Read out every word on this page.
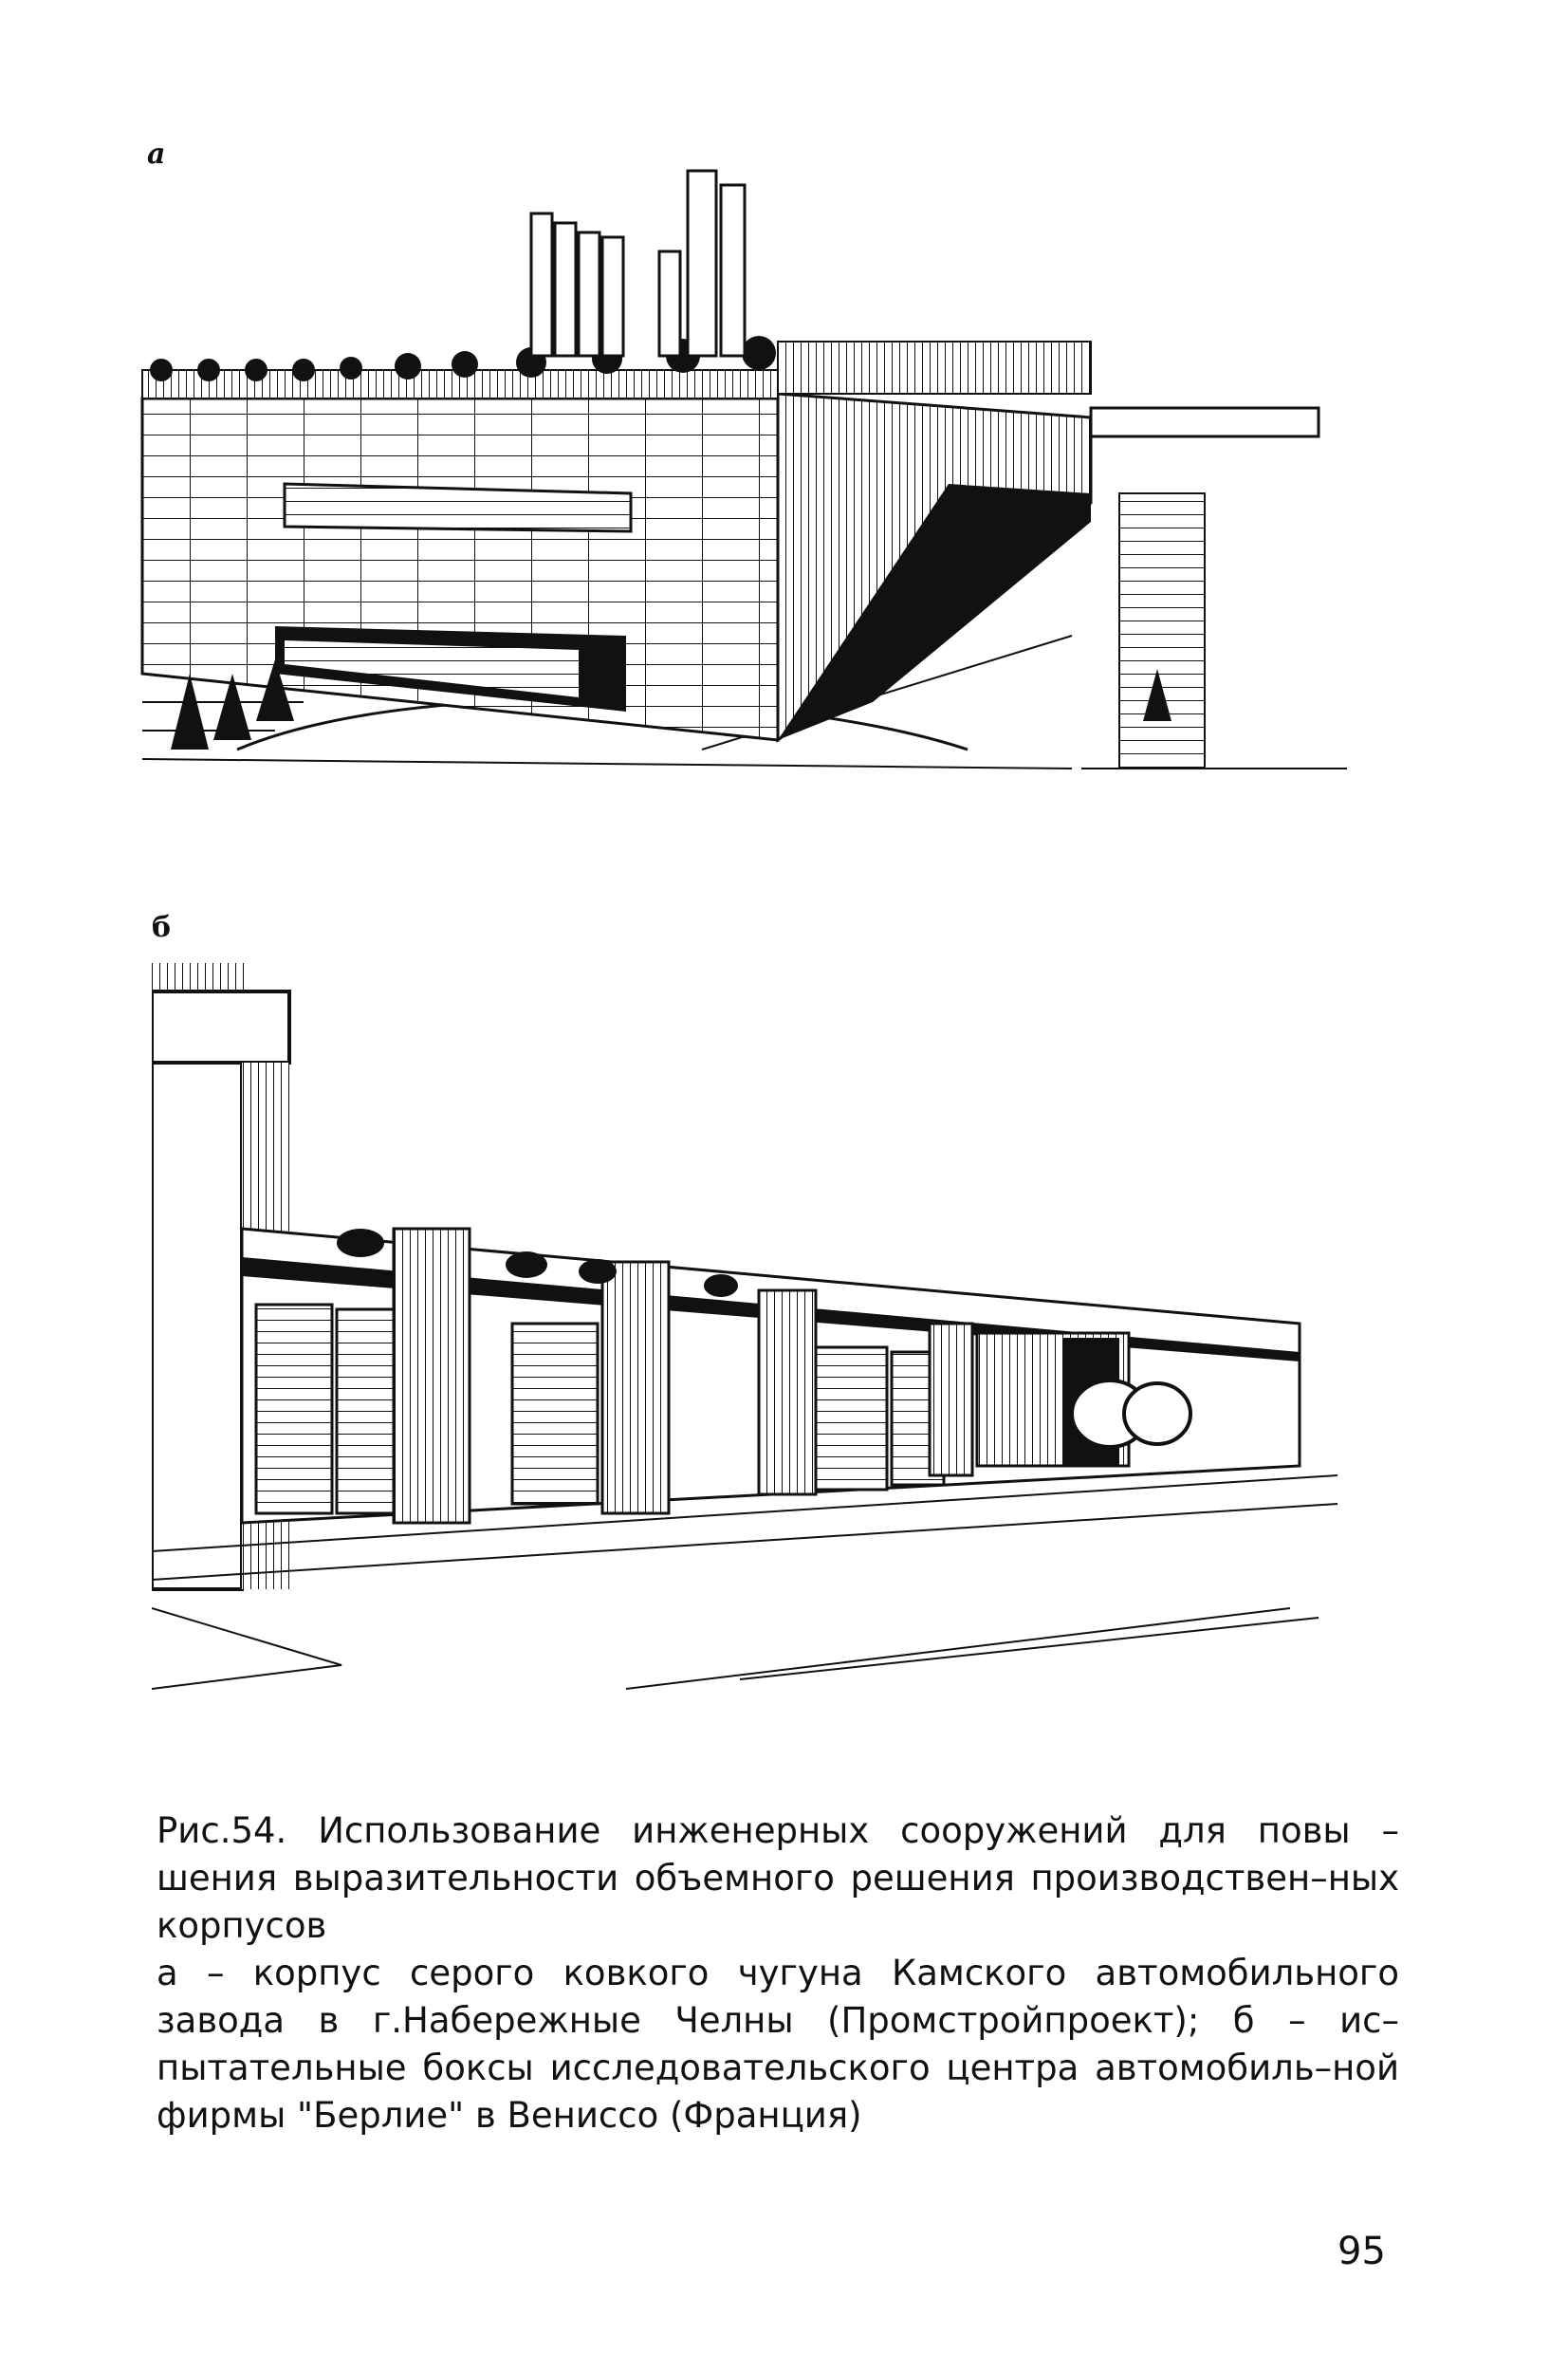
a
б

Рис.54. Использование инженерных сооружений для повы – шения выразительности объемного решения производствен–ных корпусов

а – корпус серого ковкого чугуна Камского автомобильного завода в г.Набережные Челны (Промстройпроект); б – ис–пытательные боксы исследовательского центра автомобиль–ной фирмы "Берлие" в Вениссо (Франция)

95
